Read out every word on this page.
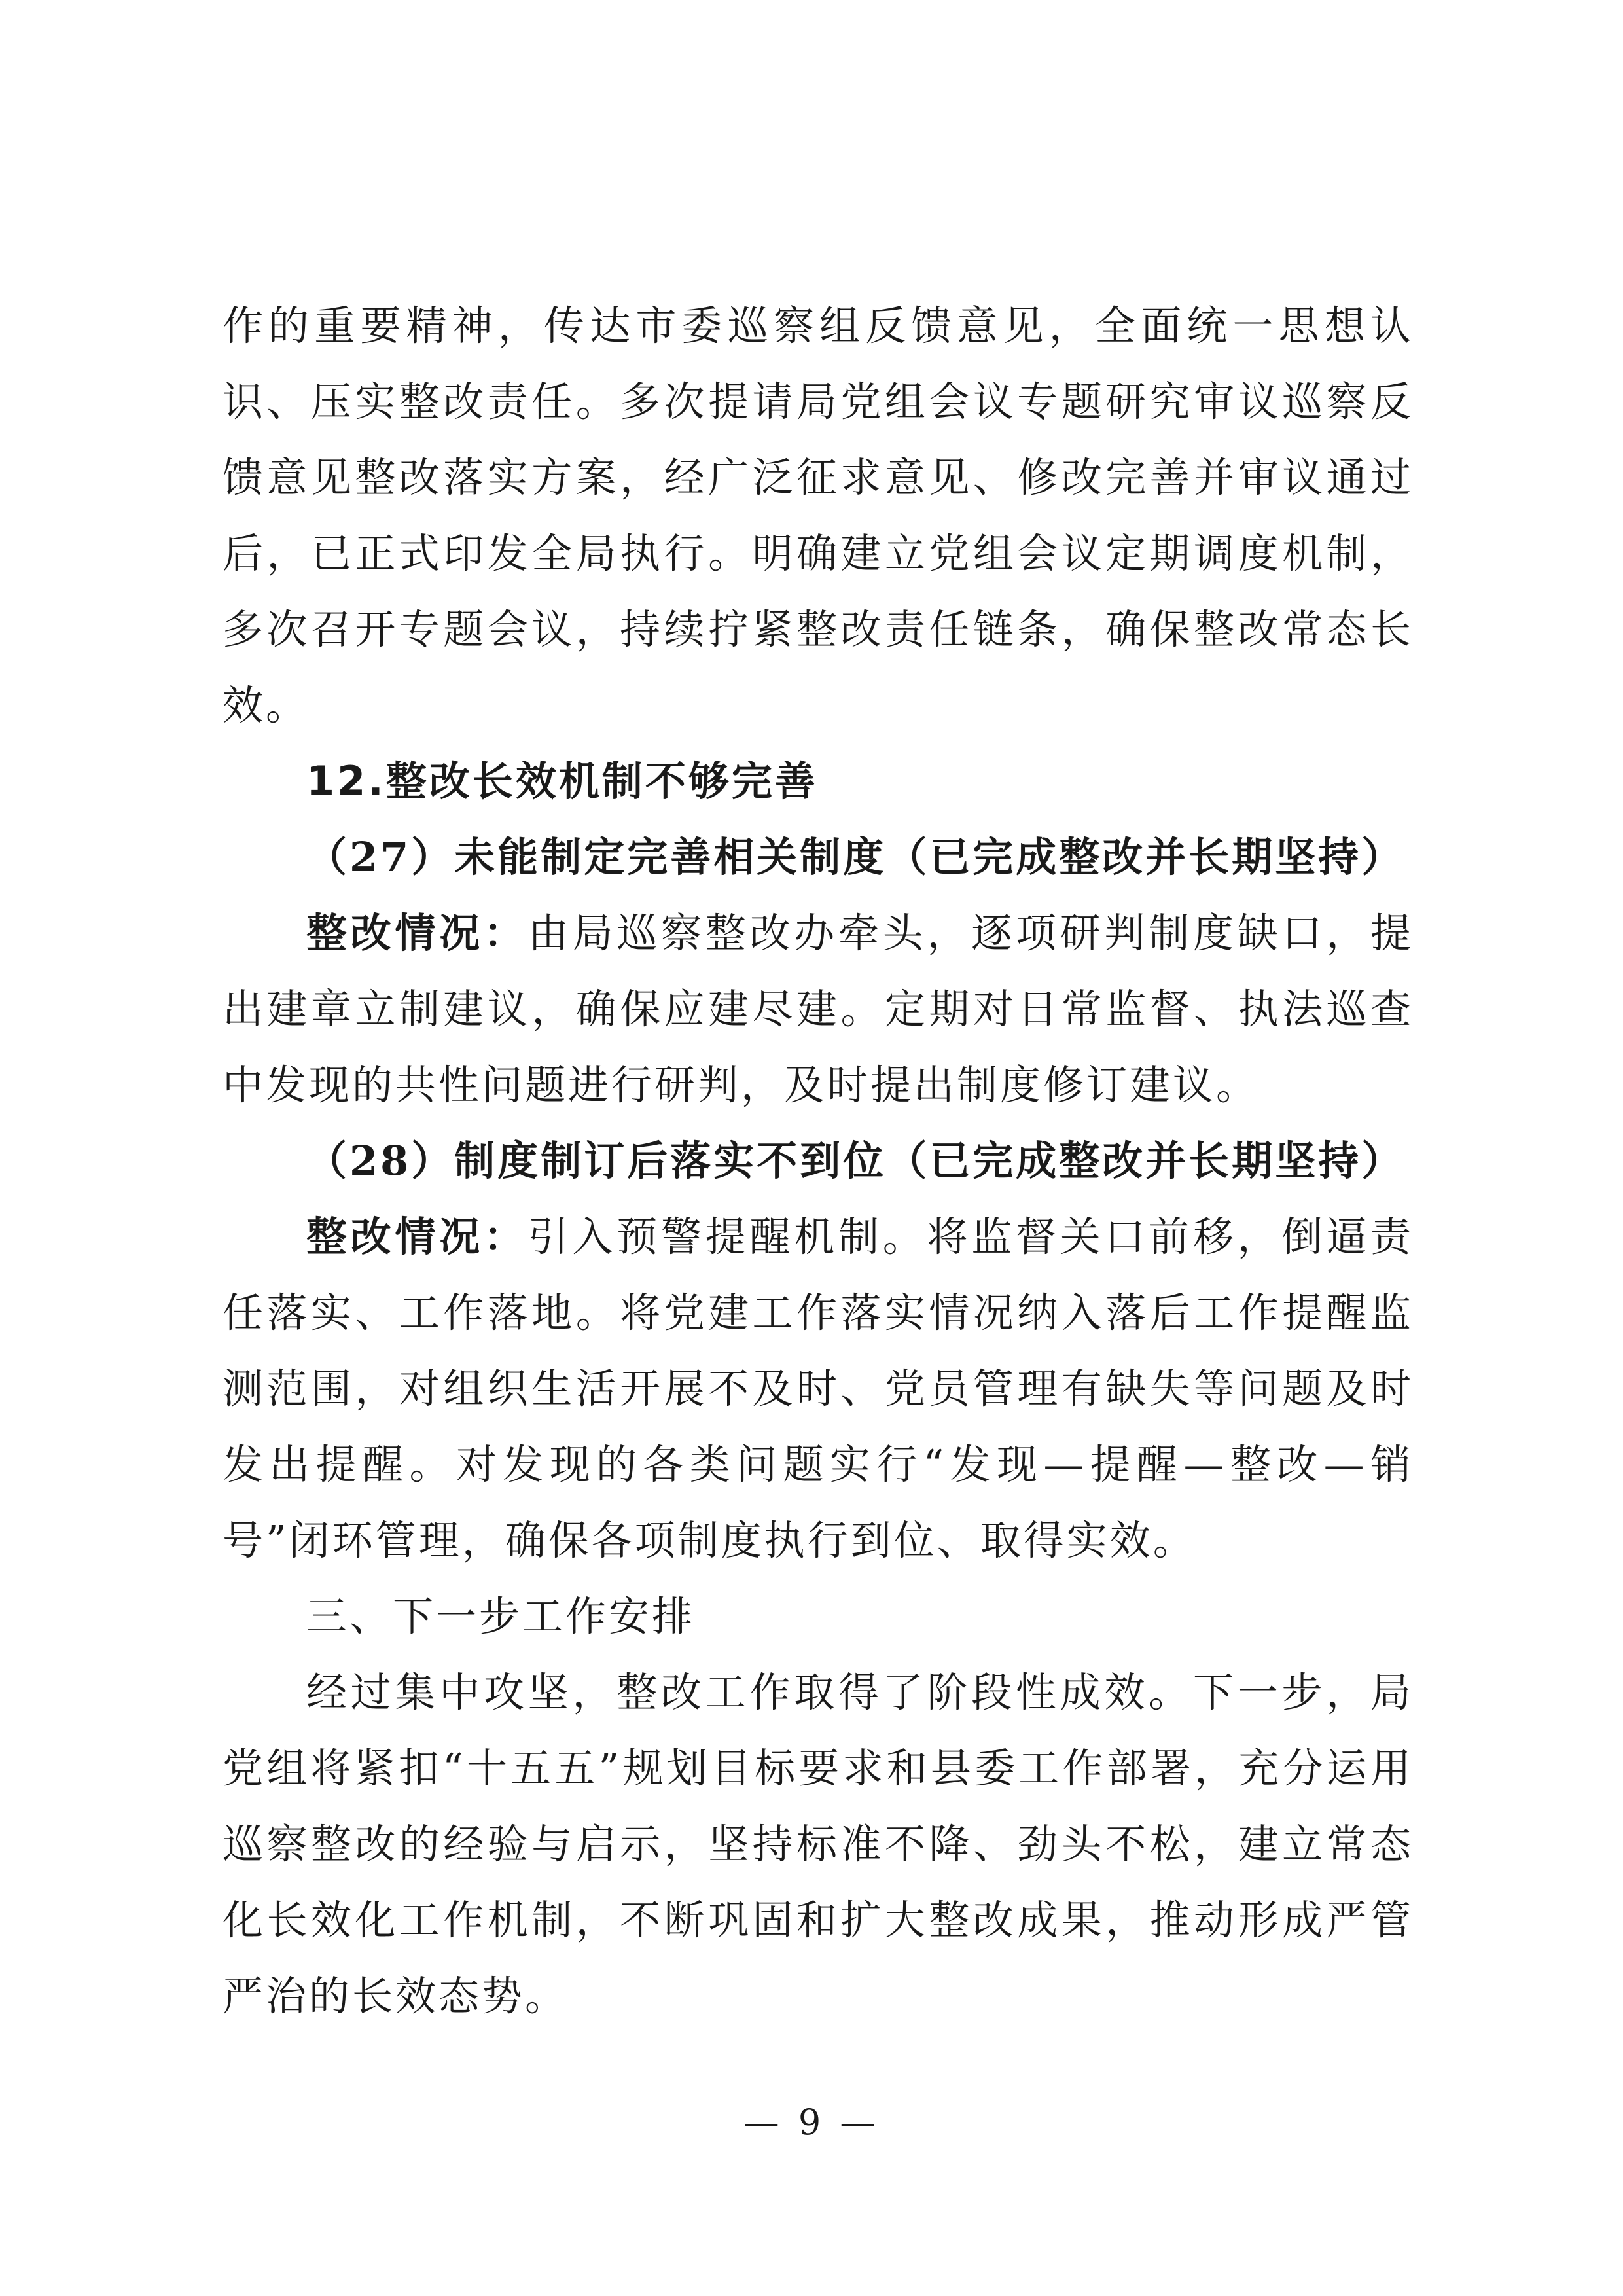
作的重要精神，传达市委巡察组反馈意见，全面统一思想认识、压实整改责任。多次提请局党组会议专题研究审议巡察反馈意见整改落实方案，经广泛征求意见、修改完善并审议通过后，已正式印发全局执行。明确建立党组会议定期调度机制，多次召开专题会议，持续拧紧整改责任链条，确保整改常态长效。

12.整改长效机制不够完善

（27）未能制定完善相关制度（已完成整改并长期坚持）

整改情况：由局巡察整改办牵头，逐项研判制度缺口，提出建章立制建议，确保应建尽建。定期对日常监督、执法巡查中发现的共性问题进行研判，及时提出制度修订建议。

（28）制度制订后落实不到位（已完成整改并长期坚持）

整改情况：引入预警提醒机制。将监督关口前移，倒逼责任落实、工作落地。将党建工作落实情况纳入落后工作提醒监测范围，对组织生活开展不及时、党员管理有缺失等问题及时发出提醒。对发现的各类问题实行“发现—提醒—整改—销号”闭环管理，确保各项制度执行到位、取得实效。

三、下一步工作安排

经过集中攻坚，整改工作取得了阶段性成效。下一步，局党组将紧扣“十五五”规划目标要求和县委工作部署，充分运用巡察整改的经验与启示，坚持标准不降、劲头不松，建立常态化长效化工作机制，不断巩固和扩大整改成果，推动形成严管严治的长效态势。

— 9 —
